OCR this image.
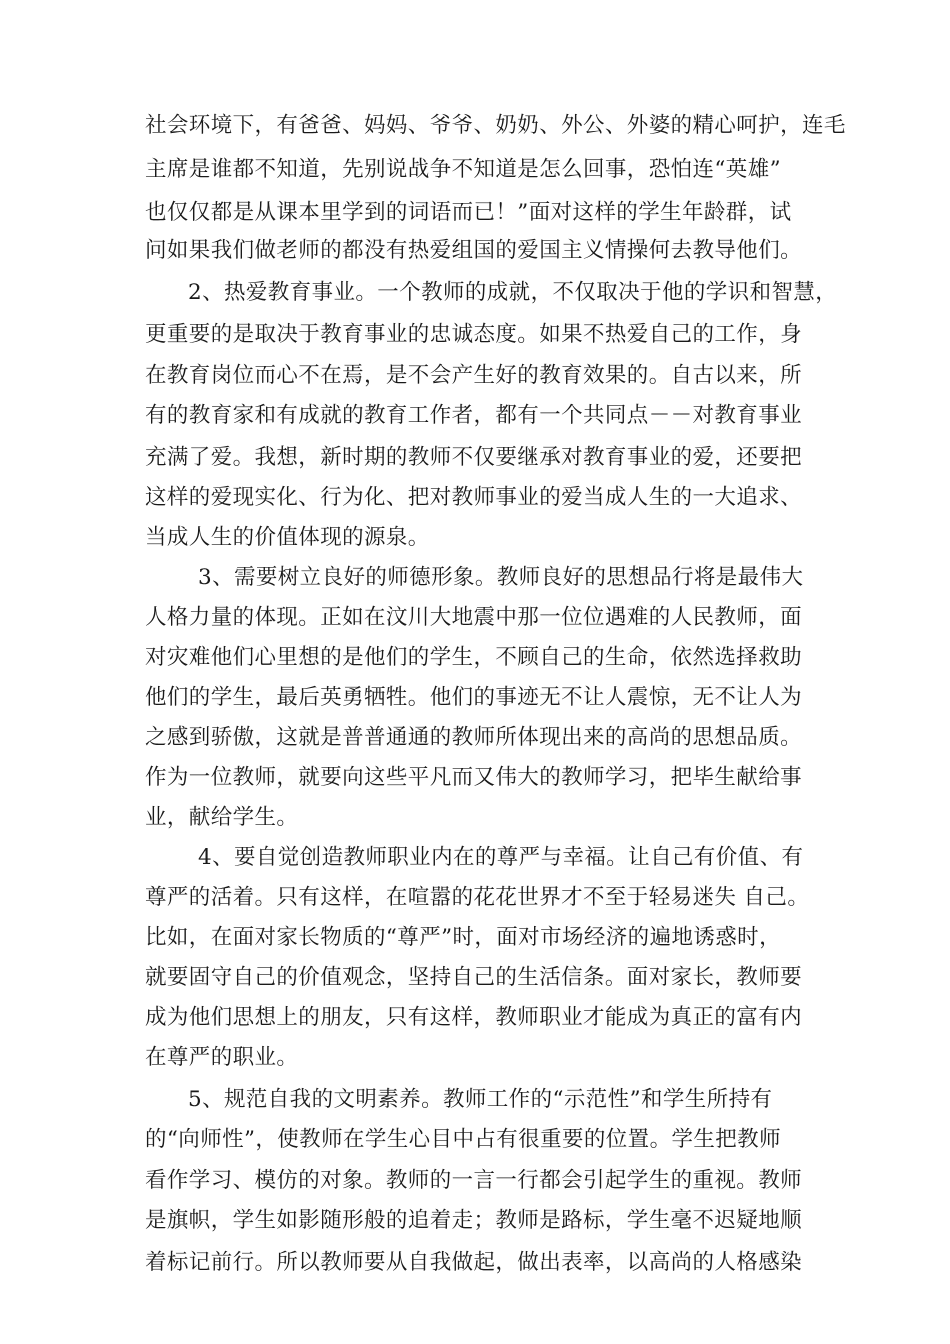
社会环境下，有爸爸、妈妈、爷爷、奶奶、外公、外婆的精心呵护，连毛
主席是谁都不知道，先别说战争不知道是怎么回事，恐怕连“英雄”
也仅仅都是从课本里学到的词语而已！”面对这样的学生年龄群，试
问如果我们做老师的都没有热爱组国的爱国主义情操何去教导他们。
2、热爱教育事业。一个教师的成就，不仅取决于他的学识和智慧，
更重要的是取决于教育事业的忠诚态度。如果不热爱自己的工作，身
在教育岗位而心不在焉，是不会产生好的教育效果的。自古以来，所
有的教育家和有成就的教育工作者，都有一个共同点－－对教育事业
充满了爱。我想，新时期的教师不仅要继承对教育事业的爱，还要把
这样的爱现实化、行为化、把对教师事业的爱当成人生的一大追求、
当成人生的价值体现的源泉。
3、需要树立良好的师德形象。教师良好的思想品行将是最伟大
人格力量的体现。正如在汶川大地震中那一位位遇难的人民教师，面
对灾难他们心里想的是他们的学生，不顾自己的生命，依然选择救助
他们的学生，最后英勇牺牲。他们的事迹无不让人震惊，无不让人为
之感到骄傲，这就是普普通通的教师所体现出来的高尚的思想品质。
作为一位教师，就要向这些平凡而又伟大的教师学习，把毕生献给事
业，献给学生。
4、要自觉创造教师职业内在的尊严与幸福。让自己有价值、有
尊严的活着。只有这样，在喧嚣的花花世界才不至于轻易迷失 自己。
比如，在面对家长物质的“尊严”时，面对市场经济的遍地诱惑时，
就要固守自己的价值观念，坚持自己的生活信条。面对家长，教师要
成为他们思想上的朋友，只有这样，教师职业才能成为真正的富有内
在尊严的职业。
5、规范自我的文明素养。教师工作的“示范性”和学生所持有
的“向师性”，使教师在学生心目中占有很重要的位置。学生把教师
看作学习、模仿的对象。教师的一言一行都会引起学生的重视。教师
是旗帜，学生如影随形般的追着走；教师是路标，学生毫不迟疑地顺
着标记前行。所以教师要从自我做起，做出表率，以高尚的人格感染
